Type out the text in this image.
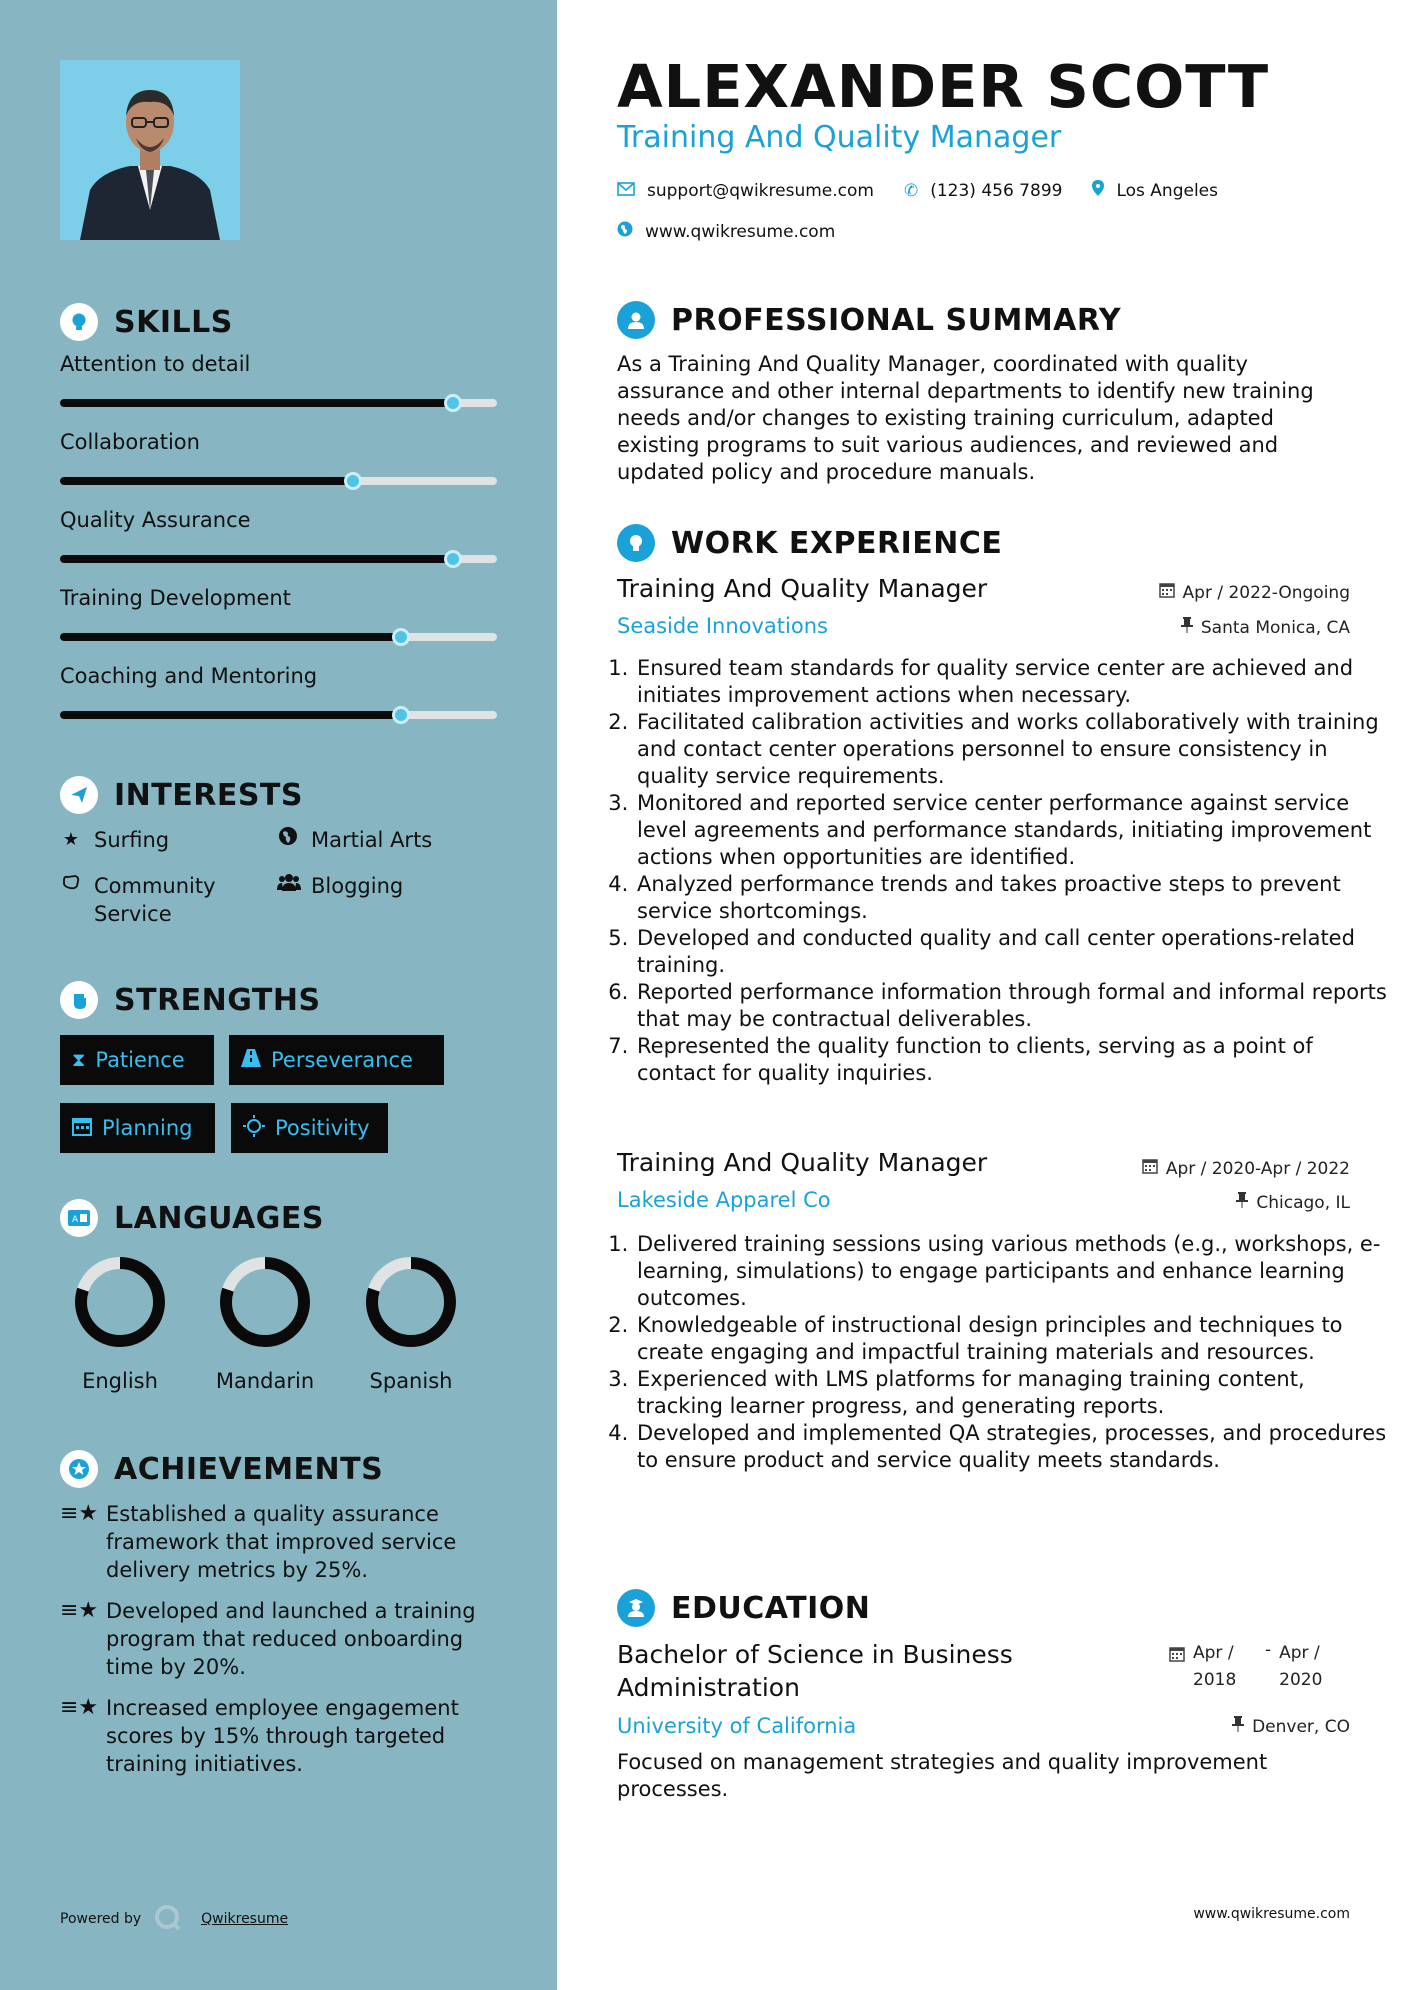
SKILLS
Attention to detail
Collaboration
Quality Assurance
Training Development
Coaching and Mentoring
INTERESTS
★ Surfing	Martial Arts
Community Service
Blogging
STRENGTHS
⧗ Patience	Perseverance
Planning	Positivity
A LANGUAGES
English	Mandarin	Spanish
ACHIEVEMENTS
≡★ Established a quality assurance framework that improved service delivery metrics by 25%.
≡★ Developed and launched a training program that reduced onboarding time by 20%.
≡★ Increased employee engagement scores by 15% through targeted training initiatives.
Powered by	Qwikresume
ALEXANDER SCOTT
Training And Quality Manager
support@qwikresume.com ✆ (123) 456 7899	Los Angeles
www.qwikresume.com
PROFESSIONAL SUMMARY
As a Training And Quality Manager, coordinated with quality assurance and other internal departments to identify new training needs and/or changes to existing training curriculum, adapted existing programs to suit various audiences, and reviewed and updated policy and procedure manuals.
WORK EXPERIENCE
Training And Quality Manager	Apr / 2022-Ongoing
Seaside Innovations	Santa Monica, CA
1. Ensured team standards for quality service center are achieved and initiates improvement actions when necessary.
2. Facilitated calibration activities and works collaboratively with training and contact center operations personnel to ensure consistency in quality service requirements.
3. Monitored and reported service center performance against service level agreements and performance standards, initiating improvement actions when opportunities are identified.
4. Analyzed performance trends and takes proactive steps to prevent service shortcomings.
5. Developed and conducted quality and call center operations-related training.
6. Reported performance information through formal and informal reports that may be contractual deliverables.
7. Represented the quality function to clients, serving as a point of contact for quality inquiries.
Training And Quality Manager	Apr / 2020-Apr / 2022
Lakeside Apparel Co	Chicago, IL
1. Delivered training sessions using various methods (e.g., workshops, e-learning, simulations) to engage participants and enhance learning outcomes.
2. Knowledgeable of instructional design principles and techniques to create engaging and impactful training materials and resources.
3. Experienced with LMS platforms for managing training content, tracking learner progress, and generating reports.
4. Developed and implemented QA strategies, processes, and procedures to ensure product and service quality meets standards.
EDUCATION
Bachelor of Science in Business Administration
Apr / 2018
- Apr / 2020
University of California	Denver, CO
Focused on management strategies and quality improvement processes.
www.qwikresume.com
